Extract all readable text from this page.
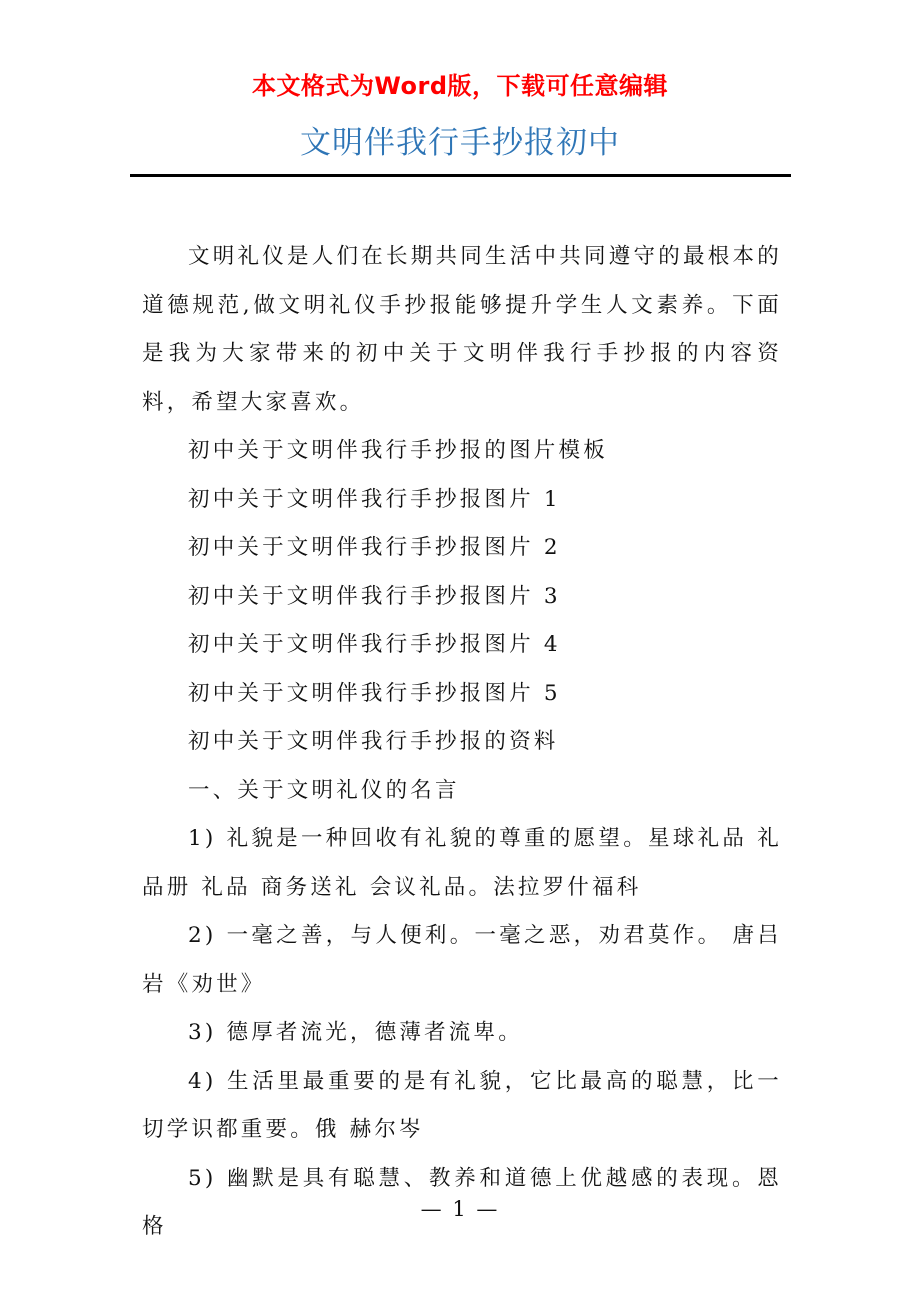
本文格式为Word版，下载可任意编辑
文明伴我行手抄报初中

文明礼仪是人们在长期共同生活中共同遵守的最根本的道德规范,做文明礼仪手抄报能够提升学生人文素养。下面是我为大家带来的初中关于文明伴我行手抄报的内容资料，希望大家喜欢。

初中关于文明伴我行手抄报的图片模板

初中关于文明伴我行手抄报图片 1

初中关于文明伴我行手抄报图片 2

初中关于文明伴我行手抄报图片 3

初中关于文明伴我行手抄报图片 4

初中关于文明伴我行手抄报图片 5

初中关于文明伴我行手抄报的资料

一、关于文明礼仪的名言

1) 礼貌是一种回收有礼貌的尊重的愿望。星球礼品 礼品册 礼品 商务送礼 会议礼品。法拉罗什福科

2) 一毫之善，与人便利。一毫之恶，劝君莫作。 唐吕岩《劝世》

3) 德厚者流光，德薄者流卑。

4) 生活里最重要的是有礼貌，它比最高的聪慧，比一切学识都重要。俄 赫尔岑

5) 幽默是具有聪慧、教养和道德上优越感的表现。恩格

— 1 —
